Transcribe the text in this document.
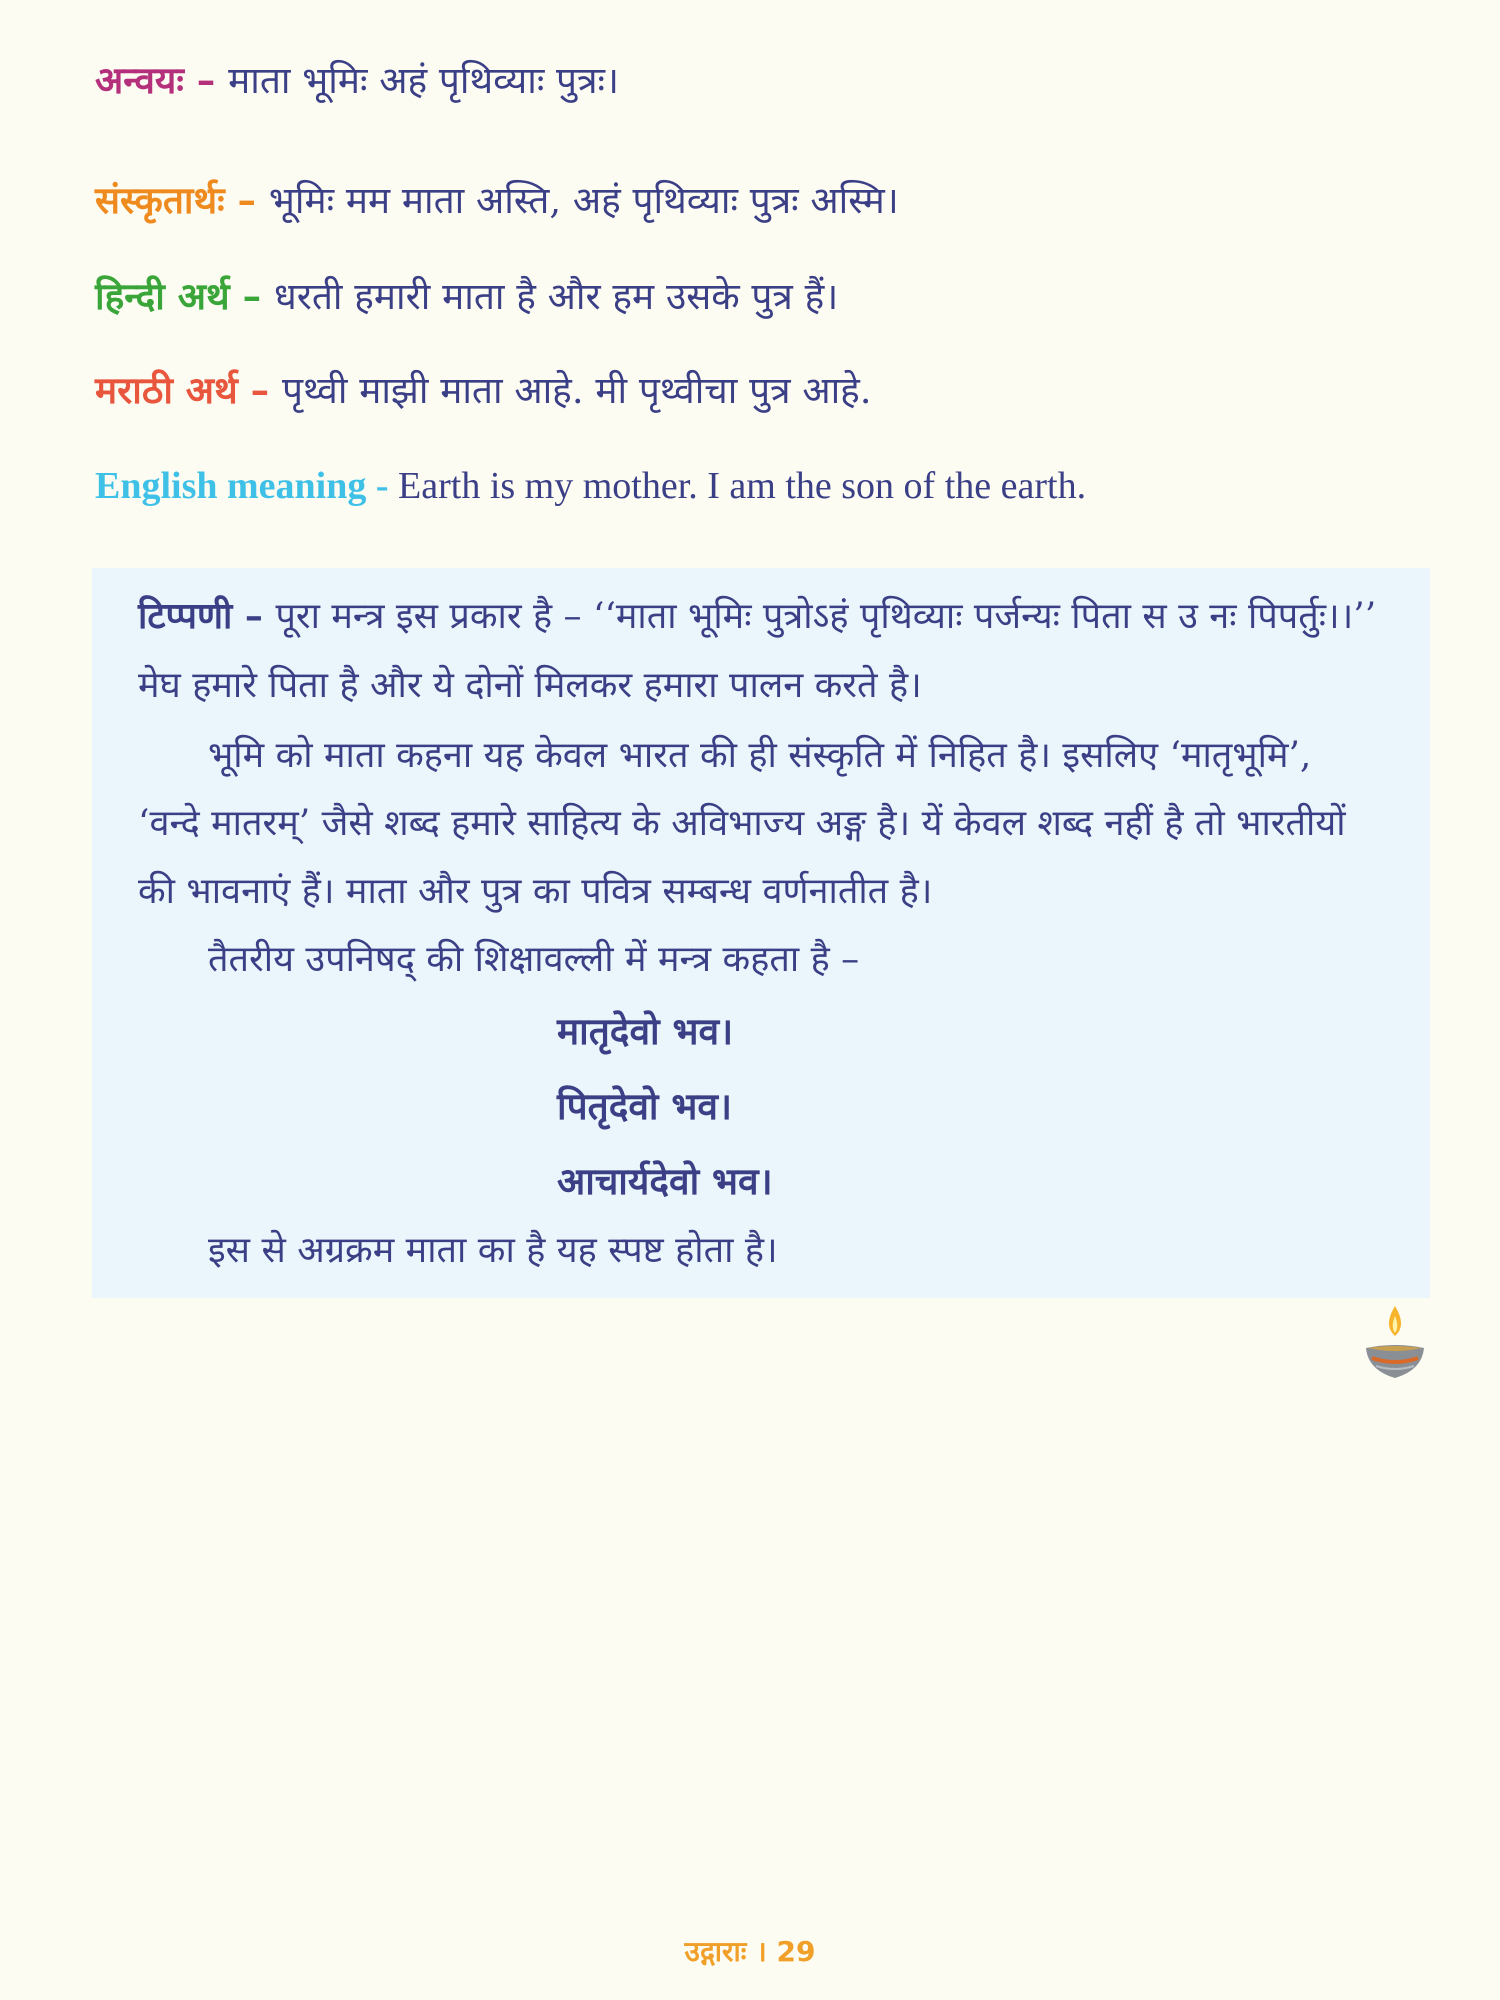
अन्वयः – माता भूमिः अहं पृथिव्याः पुत्रः।
संस्कृतार्थः – भूमिः मम माता अस्ति, अहं पृथिव्याः पुत्रः अस्मि।
हिन्दी अर्थ – धरती हमारी माता है और हम उसके पुत्र हैं।
मराठी अर्थ – पृथ्वी माझी माता आहे. मी पृथ्वीचा पुत्र आहे.
English meaning - Earth is my mother. I am the son of the earth.
टिप्पणी – पूरा मन्त्र इस प्रकार है – ‘‘माता भूमिः पुत्रोऽहं पृथिव्याः पर्जन्यः पिता स उ नः पिपर्तुः।।’’
मेघ हमारे पिता है और ये दोनों मिलकर हमारा पालन करते है।
भूमि को माता कहना यह केवल भारत की ही संस्कृति में निहित है। इसलिए ‘मातृभूमि’,
‘वन्दे मातरम्’ जैसे शब्द हमारे साहित्य के अविभाज्य अङ्ग है। यें केवल शब्द नहीं है तो भारतीयों
की भावनाएं हैं। माता और पुत्र का पवित्र सम्बन्ध वर्णनातीत है।
तैतरीय उपनिषद् की शिक्षावल्ली में मन्त्र कहता है –
मातृदेवो भव।
पितृदेवो भव।
आचार्यदेवो भव।
इस से अग्रक्रम माता का है यह स्पष्ट होता है।
उद्गाराः । 29
